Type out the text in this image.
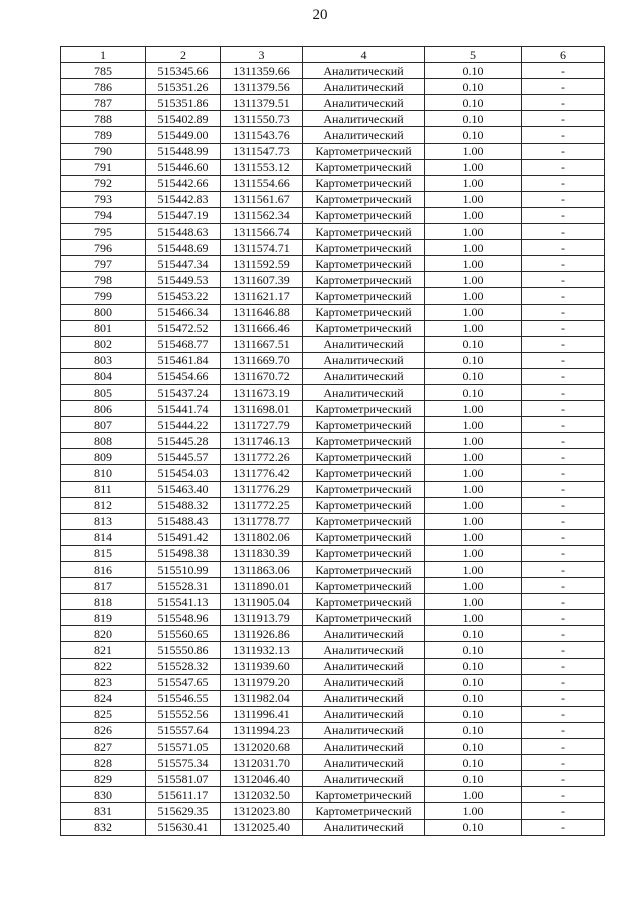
20
1	2	3	4	5	6
785	515345.66	1311359.66	Аналитический	0.10	-
786	515351.26	1311379.56	Аналитический	0.10	-
787	515351.86	1311379.51	Аналитический	0.10	-
788	515402.89	1311550.73	Аналитический	0.10	-
789	515449.00	1311543.76	Аналитический	0.10	-
790	515448.99	1311547.73	Картометрический	1.00	-
791	515446.60	1311553.12	Картометрический	1.00	-
792	515442.66	1311554.66	Картометрический	1.00	-
793	515442.83	1311561.67	Картометрический	1.00	-
794	515447.19	1311562.34	Картометрический	1.00	-
795	515448.63	1311566.74	Картометрический	1.00	-
796	515448.69	1311574.71	Картометрический	1.00	-
797	515447.34	1311592.59	Картометрический	1.00	-
798	515449.53	1311607.39	Картометрический	1.00	-
799	515453.22	1311621.17	Картометрический	1.00	-
800	515466.34	1311646.88	Картометрический	1.00	-
801	515472.52	1311666.46	Картометрический	1.00	-
802	515468.77	1311667.51	Аналитический	0.10	-
803	515461.84	1311669.70	Аналитический	0.10	-
804	515454.66	1311670.72	Аналитический	0.10	-
805	515437.24	1311673.19	Аналитический	0.10	-
806	515441.74	1311698.01	Картометрический	1.00	-
807	515444.22	1311727.79	Картометрический	1.00	-
808	515445.28	1311746.13	Картометрический	1.00	-
809	515445.57	1311772.26	Картометрический	1.00	-
810	515454.03	1311776.42	Картометрический	1.00	-
811	515463.40	1311776.29	Картометрический	1.00	-
812	515488.32	1311772.25	Картометрический	1.00	-
813	515488.43	1311778.77	Картометрический	1.00	-
814	515491.42	1311802.06	Картометрический	1.00	-
815	515498.38	1311830.39	Картометрический	1.00	-
816	515510.99	1311863.06	Картометрический	1.00	-
817	515528.31	1311890.01	Картометрический	1.00	-
818	515541.13	1311905.04	Картометрический	1.00	-
819	515548.96	1311913.79	Картометрический	1.00	-
820	515560.65	1311926.86	Аналитический	0.10	-
821	515550.86	1311932.13	Аналитический	0.10	-
822	515528.32	1311939.60	Аналитический	0.10	-
823	515547.65	1311979.20	Аналитический	0.10	-
824	515546.55	1311982.04	Аналитический	0.10	-
825	515552.56	1311996.41	Аналитический	0.10	-
826	515557.64	1311994.23	Аналитический	0.10	-
827	515571.05	1312020.68	Аналитический	0.10	-
828	515575.34	1312031.70	Аналитический	0.10	-
829	515581.07	1312046.40	Аналитический	0.10	-
830	515611.17	1312032.50	Картометрический	1.00	-
831	515629.35	1312023.80	Картометрический	1.00	-
832	515630.41	1312025.40	Аналитический	0.10	-
